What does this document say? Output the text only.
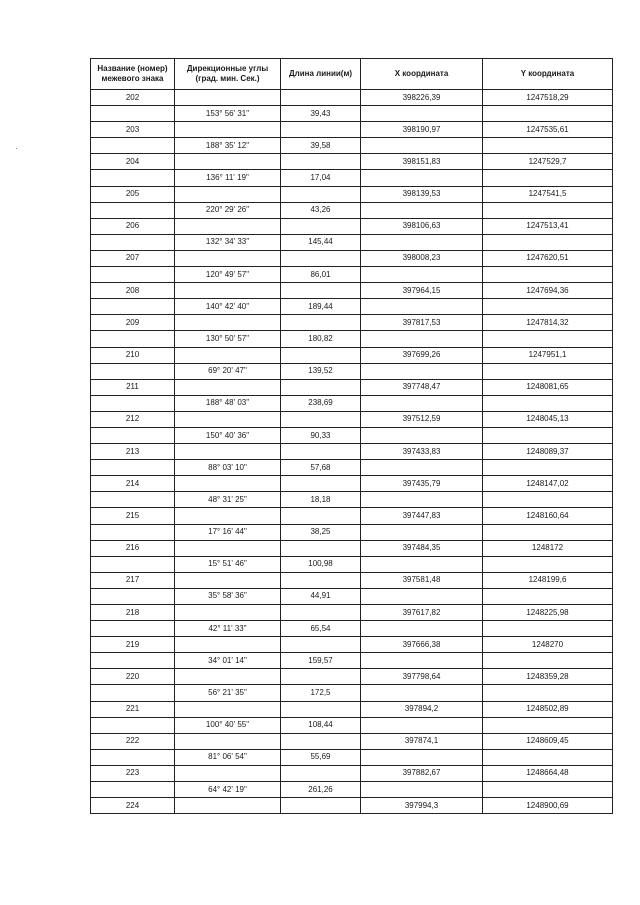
Название (номер) межевого знака	Дирекционные углы (град. мин. Сек.)	Длина линии(м)	X координата	Y координата
202			398226,39	1247518,29
	153° 56' 31"	39,43		
203			398190,97	1247535,61
	188° 35' 12"	39,58		
204			398151,83	1247529,7
	136° 11' 19"	17,04		
205			398139,53	1247541,5
	220° 29' 26"	43,26		
206			398106,63	1247513,41
	132° 34' 33"	145,44		
207			398008,23	1247620,51
	120° 49' 57"	86,01		
208			397964,15	1247694,36
	140° 42' 40"	189,44		
209			397817,53	1247814,32
	130° 50' 57"	180,82		
210			397699,26	1247951,1
	69° 20' 47"	139,52		
211			397748,47	1248081,65
	188° 48' 03"	238,69		
212			397512,59	1248045,13
	150° 40' 36"	90,33		
213			397433,83	1248089,37
	88° 03' 10"	57,68		
214			397435,79	1248147,02
	48° 31' 25"	18,18		
215			397447,83	1248160,64
	17° 16' 44"	38,25		
216			397484,35	1248172
	15° 51' 46"	100,98		
217			397581,48	1248199,6
	35° 58' 36"	44,91		
218			397617,82	1248225,98
	42° 11' 33"	65,54		
219			397666,38	1248270
	34° 01' 14"	159,57		
220			397798,64	1248359,28
	56° 21' 35"	172,5		
221			397894,2	1248502,89
	100° 40' 55"	108,44		
222			397874,1	1248609,45
	81° 06' 54"	55,69		
223			397882,67	1248664,48
	64° 42' 19"	261,26		
224			397994,3	1248900,69
